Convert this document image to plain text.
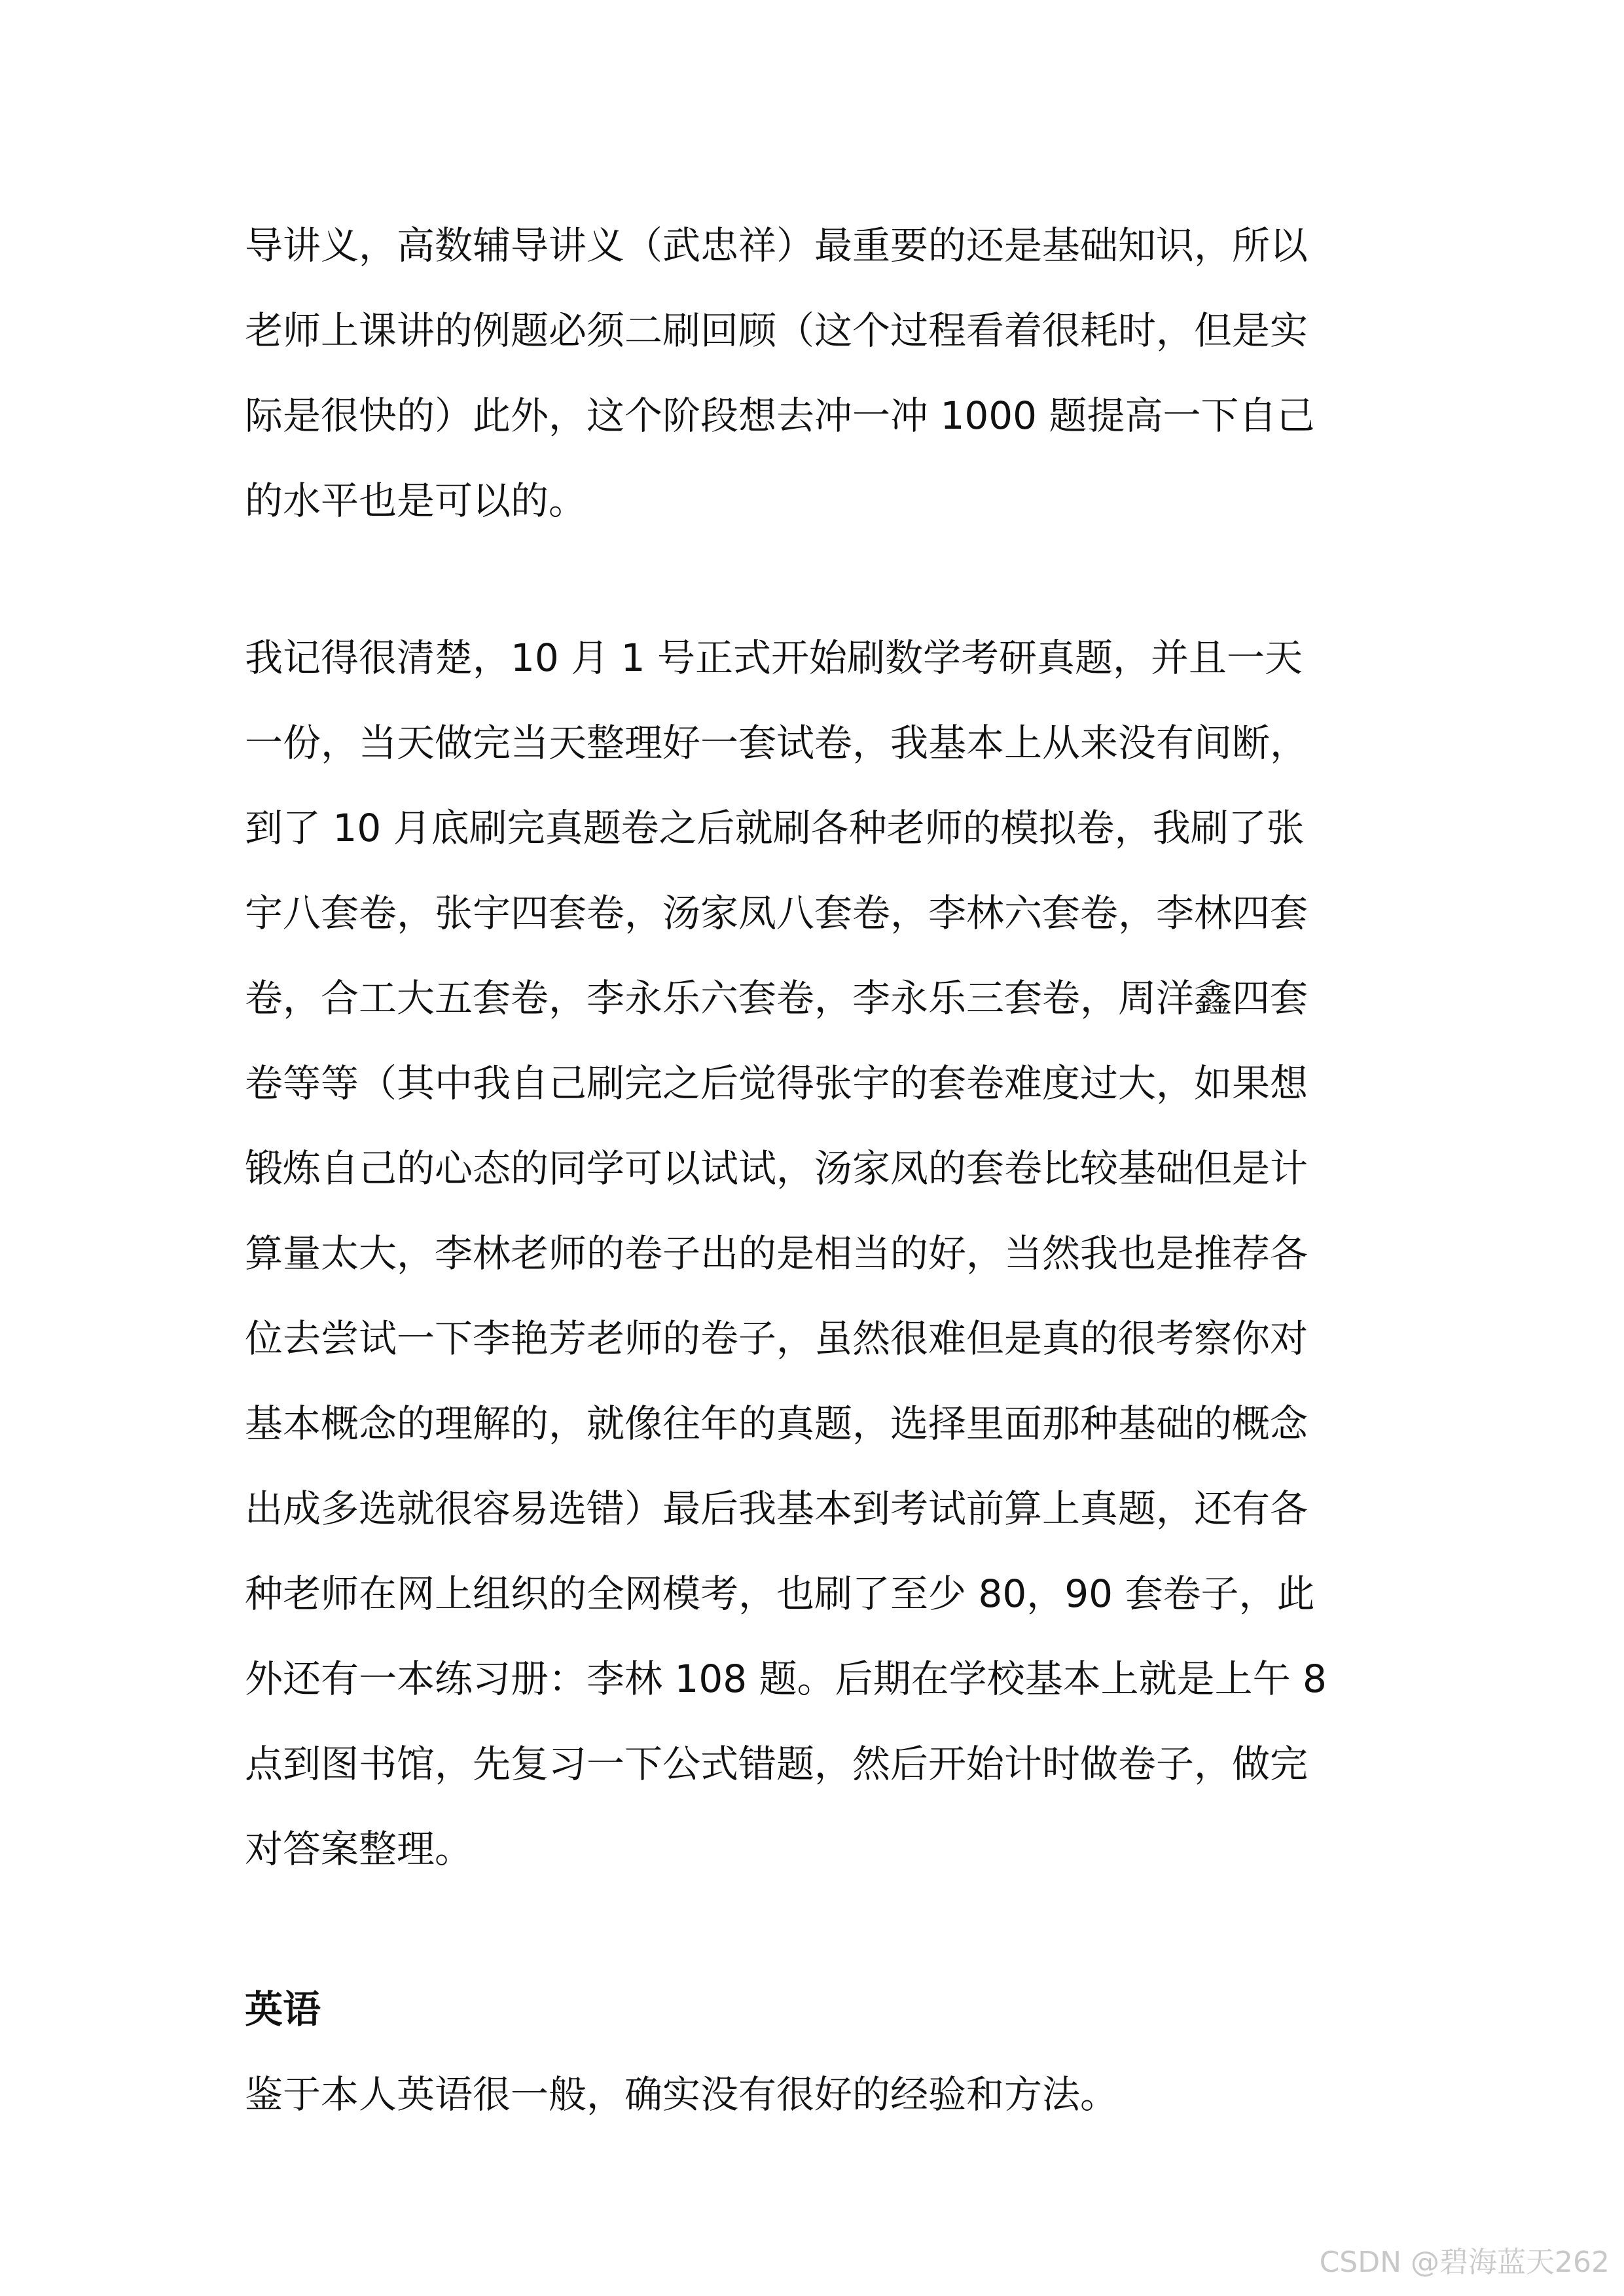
导讲义，高数辅导讲义（武忠祥）最重要的还是基础知识，所以
老师上课讲的例题必须二刷回顾（这个过程看着很耗时，但是实
际是很快的）此外，这个阶段想去冲一冲 1000 题提高一下自己
的水平也是可以的。

我记得很清楚，10 月 1 号正式开始刷数学考研真题，并且一天
一份，当天做完当天整理好一套试卷，我基本上从来没有间断，
到了 10 月底刷完真题卷之后就刷各种老师的模拟卷，我刷了张
宇八套卷，张宇四套卷，汤家凤八套卷，李林六套卷，李林四套
卷，合工大五套卷，李永乐六套卷，李永乐三套卷，周洋鑫四套
卷等等（其中我自己刷完之后觉得张宇的套卷难度过大，如果想
锻炼自己的心态的同学可以试试，汤家凤的套卷比较基础但是计
算量太大，李林老师的卷子出的是相当的好，当然我也是推荐各
位去尝试一下李艳芳老师的卷子，虽然很难但是真的很考察你对
基本概念的理解的，就像往年的真题，选择里面那种基础的概念
出成多选就很容易选错）最后我基本到考试前算上真题，还有各
种老师在网上组织的全网模考，也刷了至少 80，90 套卷子，此
外还有一本练习册：李林 108 题。后期在学校基本上就是上午 8
点到图书馆，先复习一下公式错题，然后开始计时做卷子，做完
对答案整理。

英语

鉴于本人英语很一般，确实没有很好的经验和方法。

CSDN @碧海蓝天262
